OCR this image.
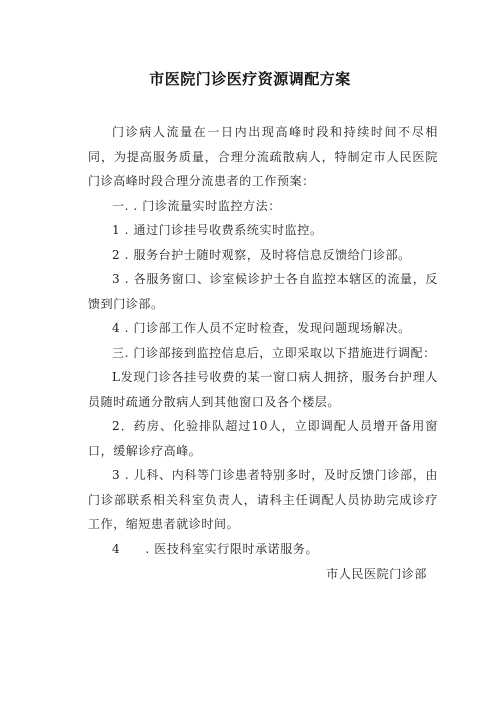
市医院门诊医疗资源调配方案

门诊病人流量在一日内出现高峰时段和持续时间不尽相同，为提高服务质量，合理分流疏散病人，特制定市人民医院门诊高峰时段合理分流患者的工作预案：

一. . 门诊流量实时监控方法：

1 . 通过门诊挂号收费系统实时监控。

2 . 服务台护士随时观察，及时将信息反馈给门诊部。

3 . 各服务窗口、诊室候诊护士各自监控本辖区的流量，反馈到门诊部。

4 . 门诊部工作人员不定时检查，发现问题现场解决。

三. 门诊部接到监控信息后，立即采取以下措施进行调配：

L发现门诊各挂号收费的某一窗口病人拥挤，服务台护理人员随时疏通分散病人到其他窗口及各个楼层。

2．药房、化验排队超过10人，立即调配人员增开备用窗口，缓解诊疗高峰。

3 . 儿科、内科等门诊患者特别多时，及时反馈门诊部，由门诊部联系相关科室负责人，请科主任调配人员协助完成诊疗工作，缩短患者就诊时间。

4　　. 医技科室实行限时承诺服务。

市人民医院门诊部
